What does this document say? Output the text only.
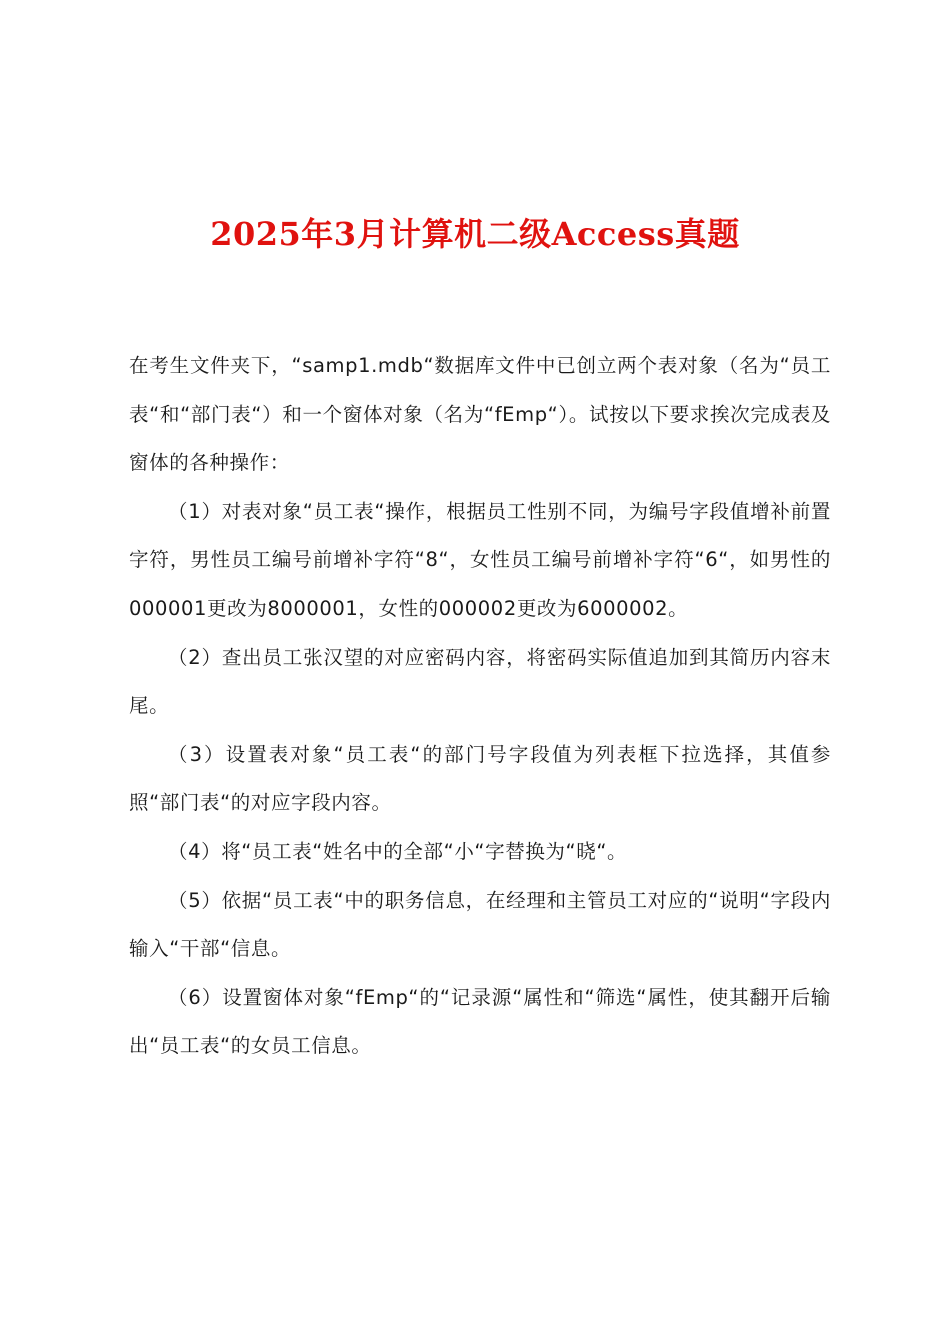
2025年3月计算机二级Access真题

在考生文件夹下，“samp1.mdb“数据库文件中已创立两个表对象（名为“员工表“和“部门表“）和一个窗体对象（名为“fEmp“）。试按以下要求挨次完成表及窗体的各种操作：

（1）对表对象“员工表“操作，根据员工性别不同，为编号字段值增补前置字符，男性员工编号前增补字符“8“，女性员工编号前增补字符“6“，如男性的000001更改为8000001，女性的000002更改为6000002。

（2）查出员工张汉望的对应密码内容，将密码实际值追加到其简历内容末尾。

（3）设置表对象“员工表“的部门号字段值为列表框下拉选择，其值参照“部门表“的对应字段内容。

（4）将“员工表“姓名中的全部“小“字替换为“晓“。

（5）依据“员工表“中的职务信息，在经理和主管员工对应的“说明“字段内输入“干部“信息。

（6）设置窗体对象“fEmp“的“记录源“属性和“筛选“属性，使其翻开后输出“员工表“的女员工信息。
